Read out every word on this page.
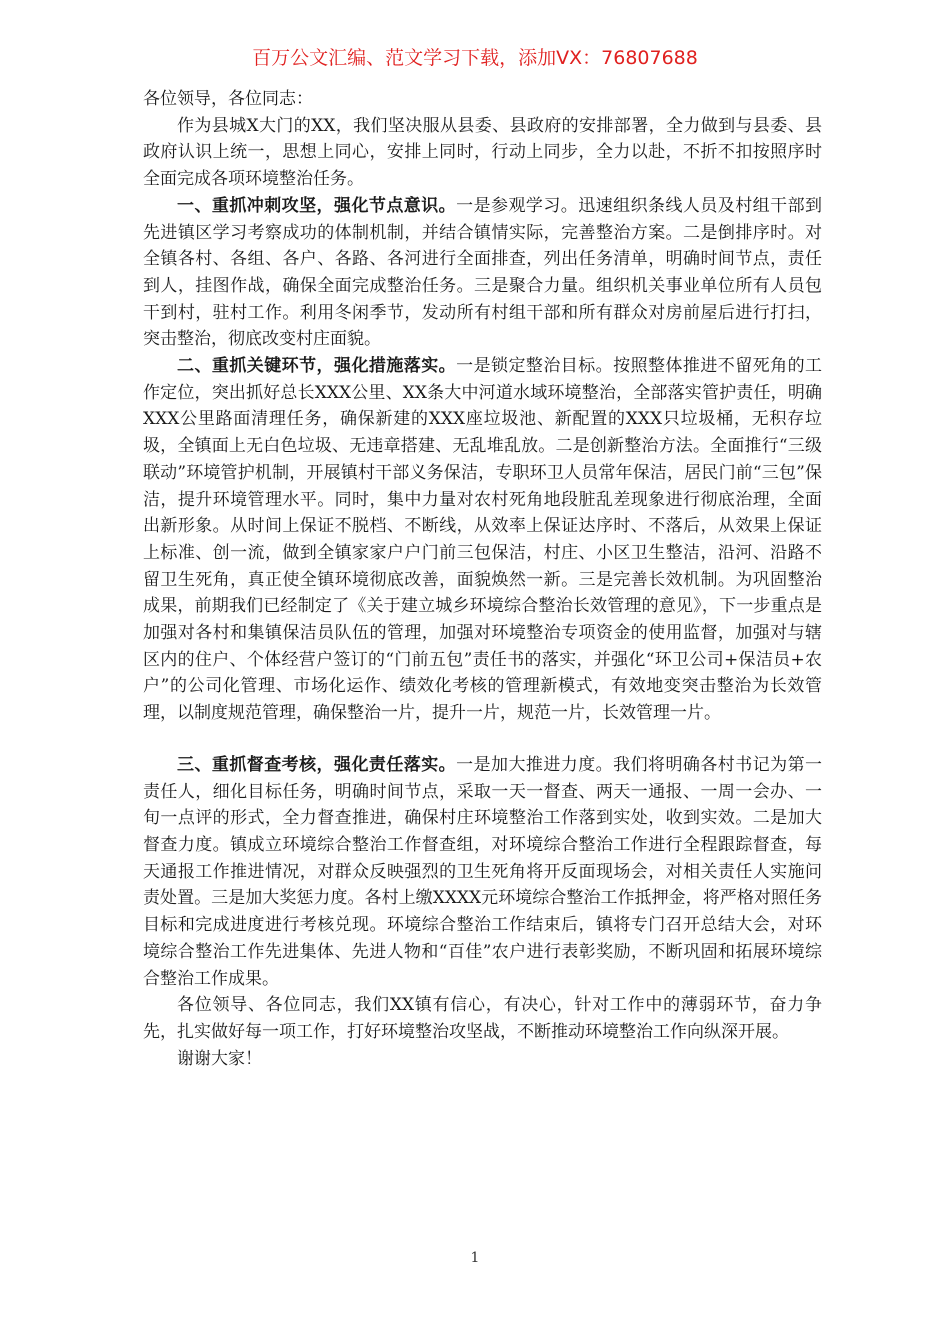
百万公文汇编、范文学习下载，添加VX：76807688

各位领导，各位同志：

作为县城X大门的XX，我们坚决服从县委、县政府的安排部署，全力做到与县委、县政府认识上统一，思想上同心，安排上同时，行动上同步，全力以赴，不折不扣按照序时全面完成各项环境整治任务。

一、重抓冲刺攻坚，强化节点意识。一是参观学习。迅速组织条线人员及村组干部到先进镇区学习考察成功的体制机制，并结合镇情实际，完善整治方案。二是倒排序时。对全镇各村、各组、各户、各路、各河进行全面排查，列出任务清单，明确时间节点，责任到人，挂图作战，确保全面完成整治任务。三是聚合力量。组织机关事业单位所有人员包干到村，驻村工作。利用冬闲季节，发动所有村组干部和所有群众对房前屋后进行打扫，突击整治，彻底改变村庄面貌。

二、重抓关键环节，强化措施落实。一是锁定整治目标。按照整体推进不留死角的工作定位，突出抓好总长XXX公里、XX条大中河道水域环境整治，全部落实管护责任，明确XXX公里路面清理任务，确保新建的XXX座垃圾池、新配置的XXX只垃圾桶，无积存垃圾，全镇面上无白色垃圾、无违章搭建、无乱堆乱放。二是创新整治方法。全面推行“三级联动”环境管护机制，开展镇村干部义务保洁，专职环卫人员常年保洁，居民门前“三包”保洁，提升环境管理水平。同时，集中力量对农村死角地段脏乱差现象进行彻底治理，全面出新形象。从时间上保证不脱档、不断线，从效率上保证达序时、不落后，从效果上保证上标准、创一流，做到全镇家家户户门前三包保洁，村庄、小区卫生整洁，沿河、沿路不留卫生死角，真正使全镇环境彻底改善，面貌焕然一新。三是完善长效机制。为巩固整治成果，前期我们已经制定了《关于建立城乡环境综合整治长效管理的意见》，下一步重点是加强对各村和集镇保洁员队伍的管理，加强对环境整治专项资金的使用监督，加强对与辖区内的住户、个体经营户签订的“门前五包”责任书的落实，并强化“环卫公司+保洁员+农户”的公司化管理、市场化运作、绩效化考核的管理新模式，有效地变突击整治为长效管理，以制度规范管理，确保整治一片，提升一片，规范一片，长效管理一片。

三、重抓督查考核，强化责任落实。一是加大推进力度。我们将明确各村书记为第一责任人，细化目标任务，明确时间节点，采取一天一督查、两天一通报、一周一会办、一旬一点评的形式，全力督查推进，确保村庄环境整治工作落到实处，收到实效。二是加大督查力度。镇成立环境综合整治工作督查组，对环境综合整治工作进行全程跟踪督查，每天通报工作推进情况，对群众反映强烈的卫生死角将开反面现场会，对相关责任人实施问责处置。三是加大奖惩力度。各村上缴XXXX元环境综合整治工作抵押金，将严格对照任务目标和完成进度进行考核兑现。环境综合整治工作结束后，镇将专门召开总结大会，对环境综合整治工作先进集体、先进人物和“百佳”农户进行表彰奖励，不断巩固和拓展环境综合整治工作成果。

各位领导、各位同志，我们XX镇有信心，有决心，针对工作中的薄弱环节，奋力争先，扎实做好每一项工作，打好环境整治攻坚战，不断推动环境整治工作向纵深开展。

谢谢大家！

1
